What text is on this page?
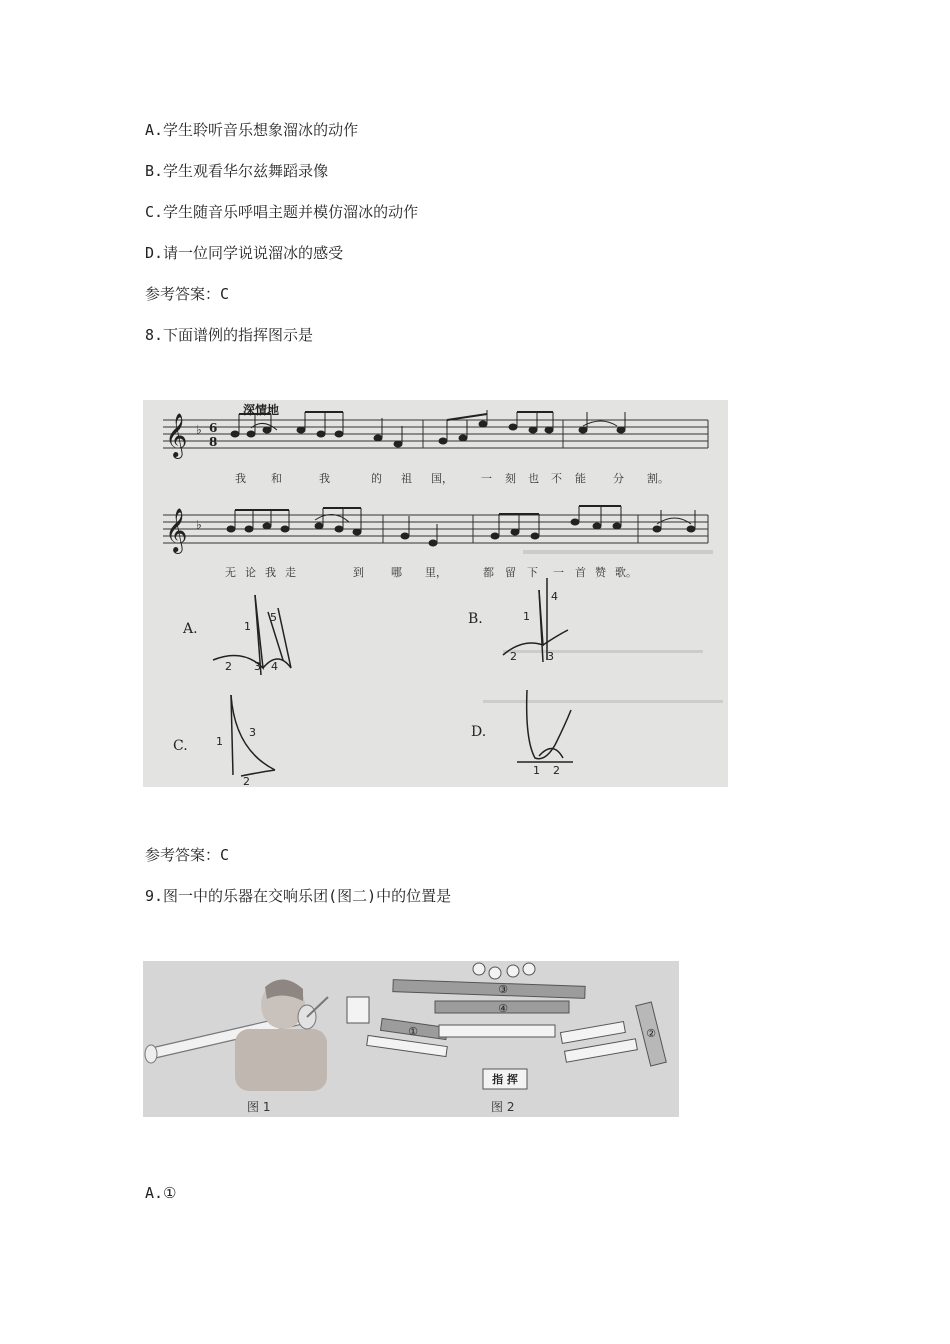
A.学生聆听音乐想象溜冰的动作
B.学生观看华尔兹舞蹈录像
C.学生随音乐呼唱主题并模仿溜冰的动作
D.请一位同学说说溜冰的感受
参考答案：C
8.下面谱例的指挥图示是
深情地
𝄞 ♭ 6
8
我 和	我	的 祖 国，	一 刻 也 不 能 分 割。
𝄞 ♭
无 论 我 走	到 哪 里，	都 留 下 一 首 赞 歌。
A.	1
2 3 4
5	B.	1
2	3
4
C.	1
2
3	D.
1 2
参考答案：C
9.图一中的乐器在交响乐团(图二)中的位置是
图 1
①	②
③
④
指 挥
图 2
A.①
